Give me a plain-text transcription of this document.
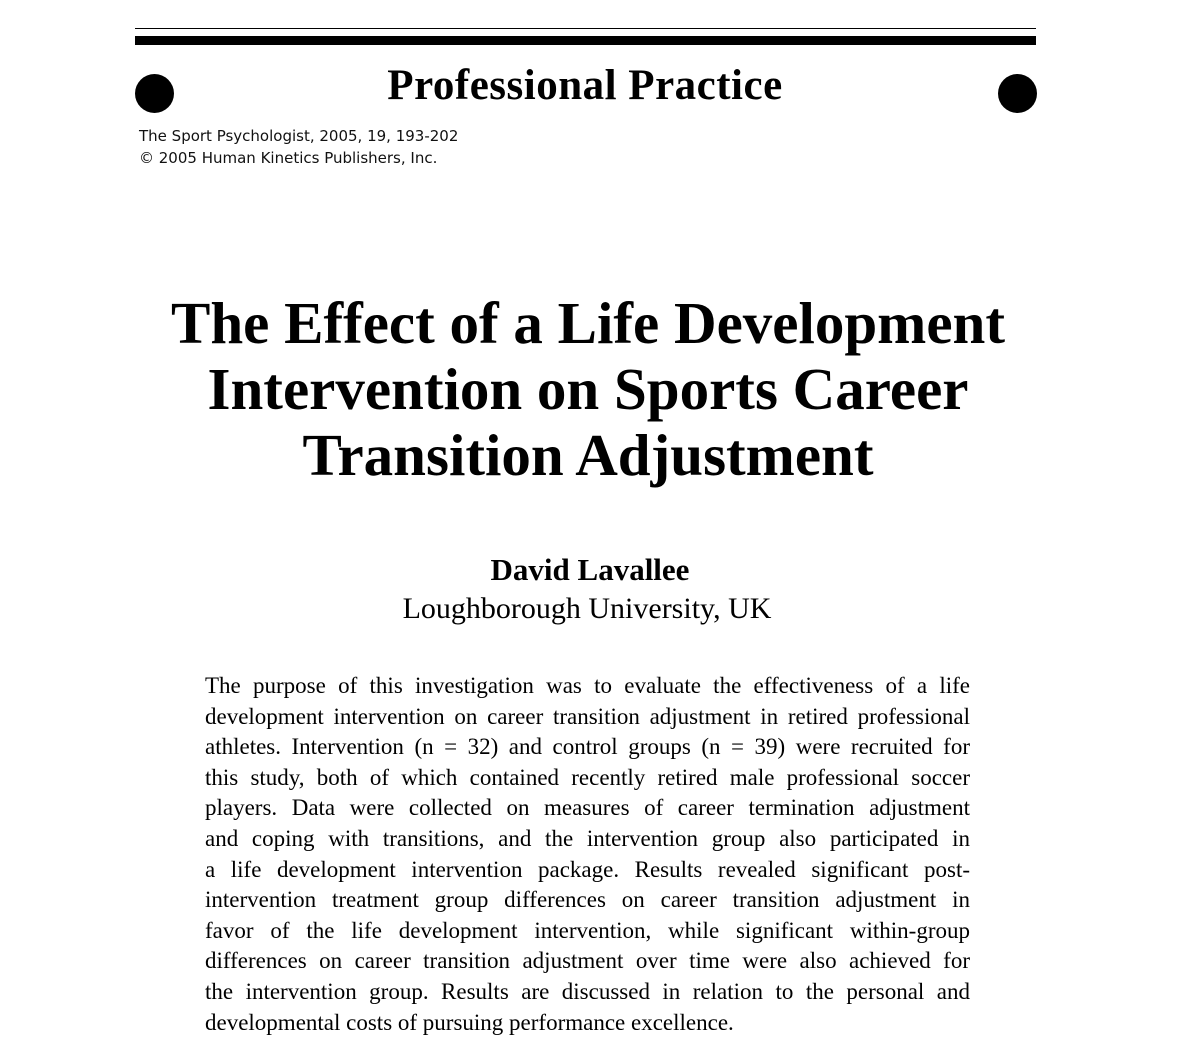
Professional Practice
The Sport Psychologist, 2005, 19, 193-202
© 2005 Human Kinetics Publishers, Inc.
The Effect of a Life Development
Intervention on Sports Career
Transition Adjustment
David Lavallee
Loughborough University, UK
The purpose of this investigation was to evaluate the effectiveness of a life
development intervention on career transition adjustment in retired professional
athletes. Intervention (n = 32) and control groups (n = 39) were recruited for
this study, both of which contained recently retired male professional soccer
players. Data were collected on measures of career termination adjustment
and coping with transitions, and the intervention group also participated in
a life development intervention package. Results revealed significant post-
intervention treatment group differences on career transition adjustment in
favor of the life development intervention, while significant within-group
differences on career transition adjustment over time were also achieved for
the intervention group. Results are discussed in relation to the personal and
developmental costs of pursuing performance excellence.
